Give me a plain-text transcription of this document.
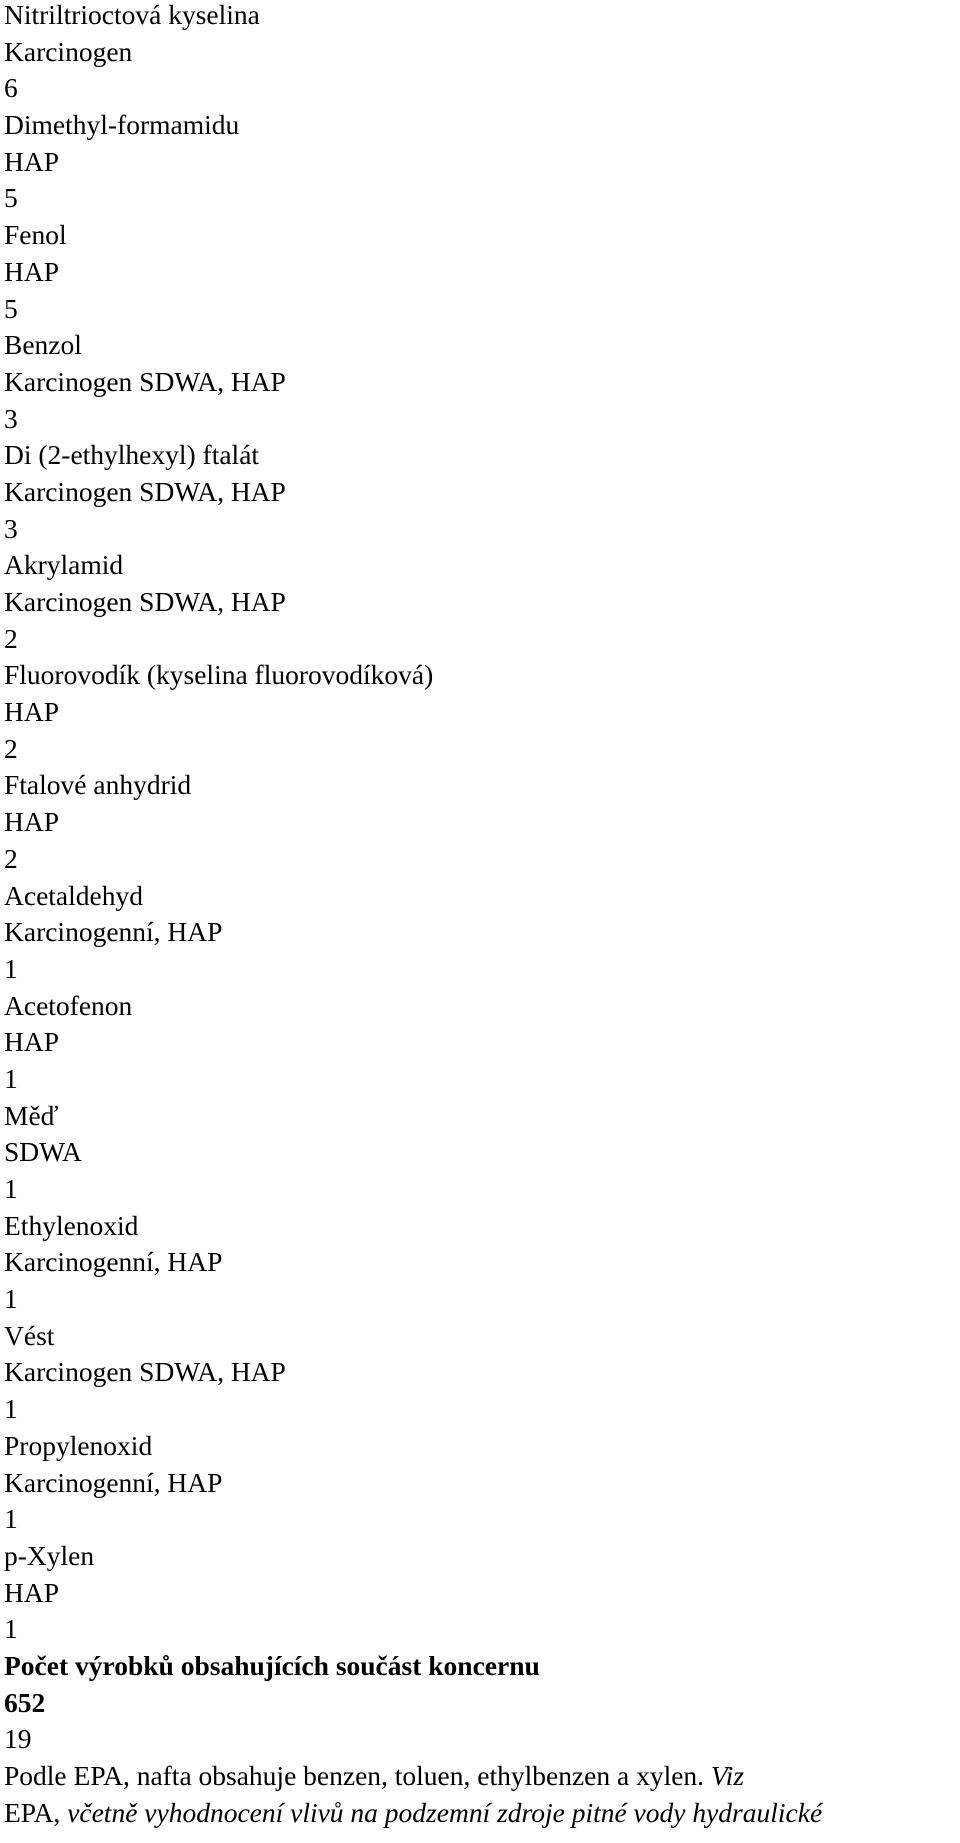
Nitriltrioctová kyselina
Karcinogen
6
Dimethyl-formamidu
HAP
5
Fenol
HAP
5
Benzol
Karcinogen SDWA, HAP
3
Di (2-ethylhexyl) ftalát
Karcinogen SDWA, HAP
3
Akrylamid
Karcinogen SDWA, HAP
2
Fluorovodík (kyselina fluorovodíková)
HAP
2
Ftalové anhydrid
HAP
2
Acetaldehyd
Karcinogenní, HAP
1
Acetofenon
HAP
1
Měď
SDWA
1
Ethylenoxid
Karcinogenní, HAP
1
Vést
Karcinogen SDWA, HAP
1
Propylenoxid
Karcinogenní, HAP
1
p-Xylen
HAP
1
Počet výrobků obsahujících součást koncernu
652
19
Podle EPA, nafta obsahuje benzen, toluen, ethylbenzen a xylen. Viz
EPA, včetně vyhodnocení vlivů na podzemní zdroje pitné vody hydraulické
